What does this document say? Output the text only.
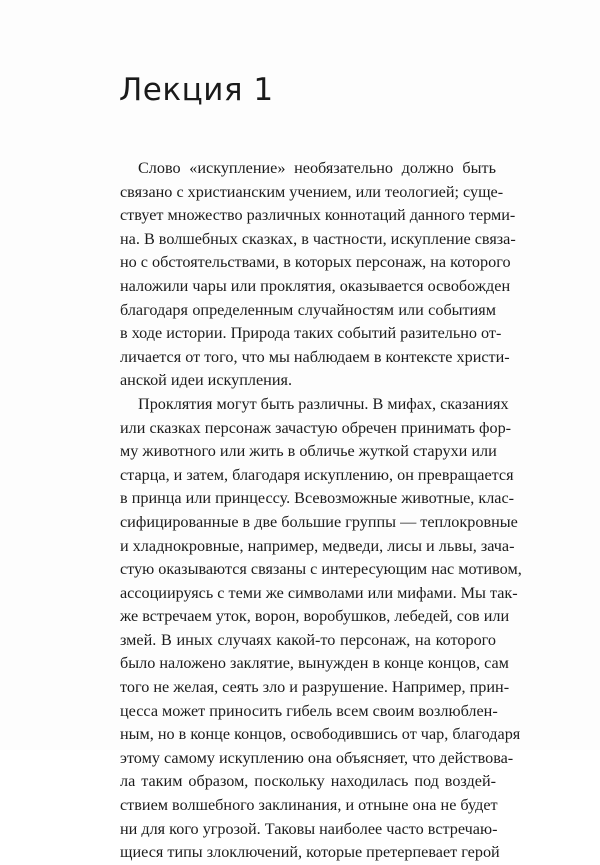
Лекция 1
Слово «искупление» необязательно должно быть
связано с христианским учением, или теологией; суще-
ствует множество различных коннотаций данного терми-
на. В волшебных сказках, в частности, искупление связа-
но с обстоятельствами, в которых персонаж, на которого
наложили чары или проклятия, оказывается освобожден
благодаря определенным случайностям или событиям
в ходе истории. Природа таких событий разительно от-
личается от того, что мы наблюдаем в контексте христи-
анской идеи искупления.
Проклятия могут быть различны. В мифах, сказаниях
или сказках персонаж зачастую обречен принимать фор-
му животного или жить в обличье жуткой старухи или
старца, и затем, благодаря искуплению, он превращается
в принца или принцессу. Всевозможные животные, клас-
сифицированные в две большие группы — теплокровные
и хладнокровные, например, медведи, лисы и львы, зача-
стую оказываются связаны с интересующим нас мотивом,
ассоциируясь с теми же символами или мифами. Мы так-
же встречаем уток, ворон, воробушков, лебедей, сов или
змей. В иных случаях какой-то персонаж, на которого
было наложено заклятие, вынужден в конце концов, сам
того не желая, сеять зло и разрушение. Например, прин-
цесса может приносить гибель всем своим возлюблен-
ным, но в конце концов, освободившись от чар, благодаря
этому самому искуплению она объясняет, что действова-
ла таким образом, поскольку находилась под воздей-
ствием волшебного заклинания, и отныне она не будет
ни для кого угрозой. Таковы наиболее часто встречаю-
щиеся типы злоключений, которые претерпевает герой
